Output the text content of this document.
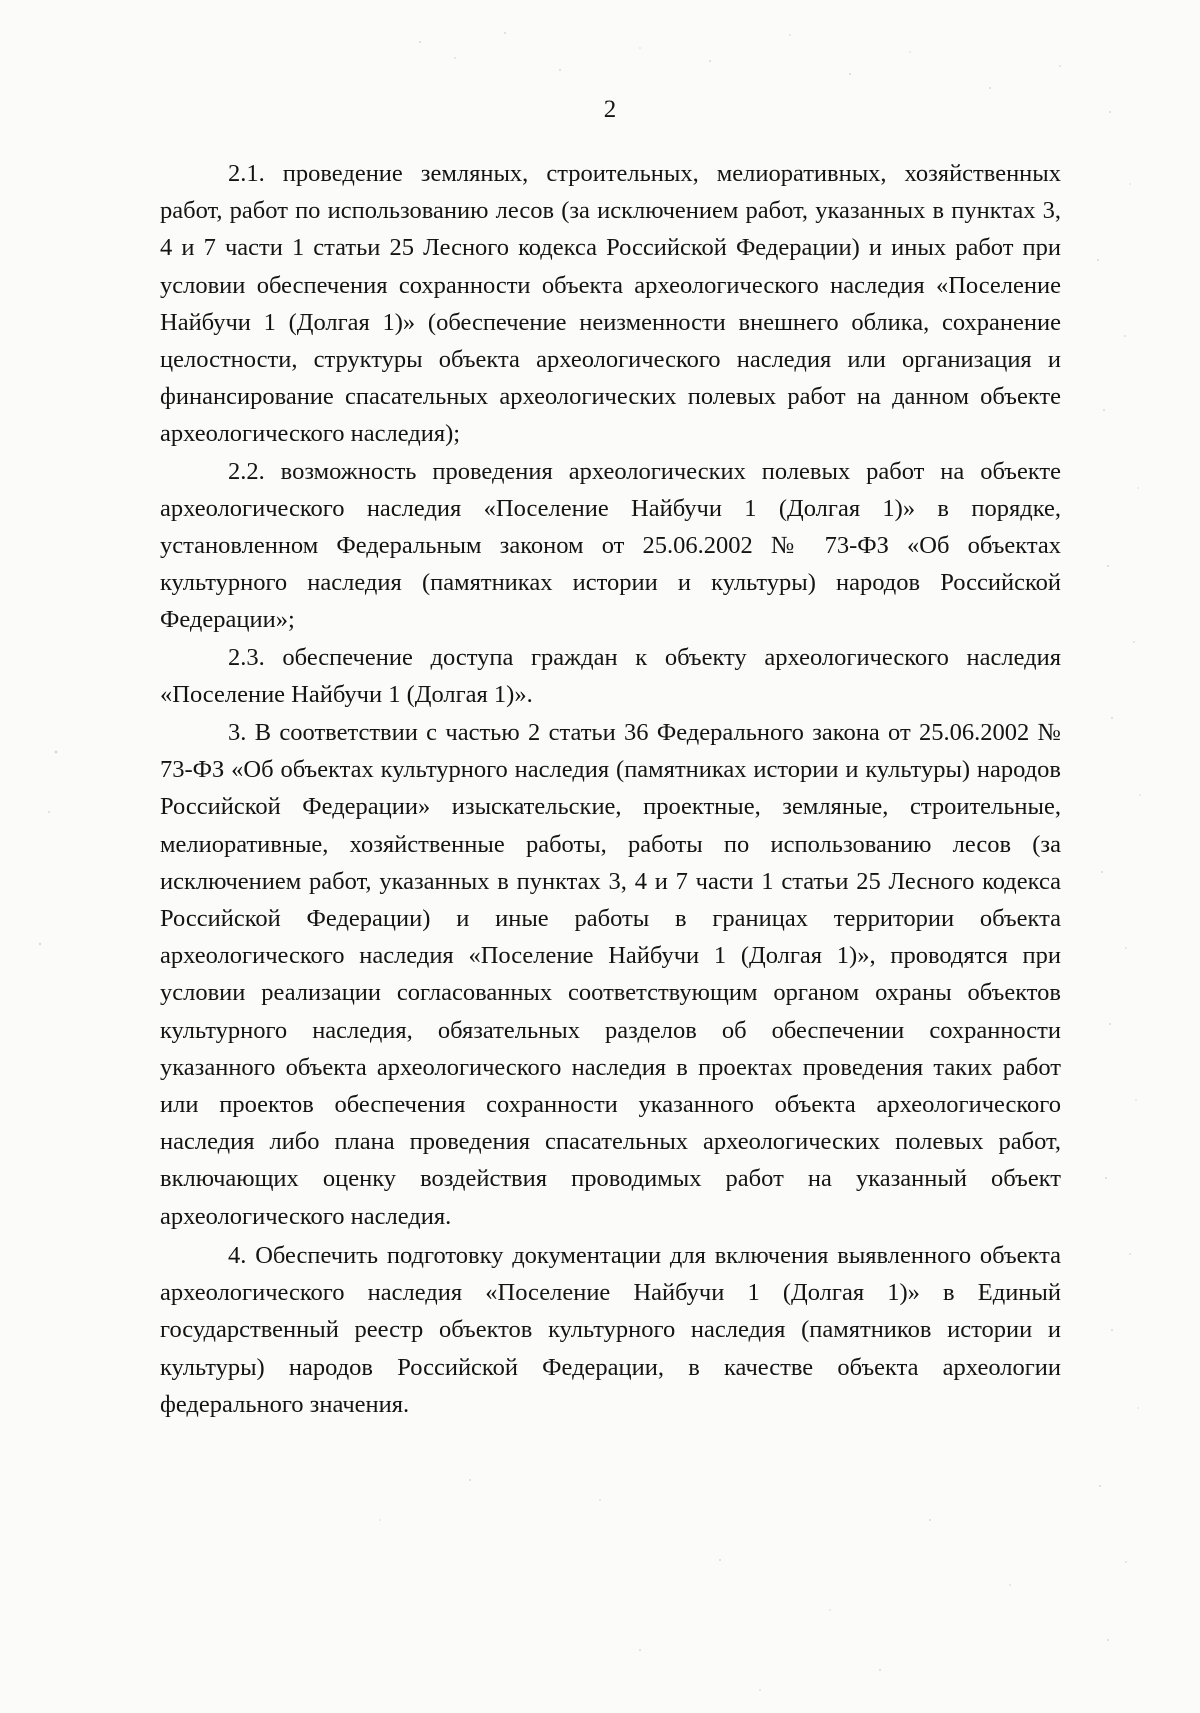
2

2.1. проведение земляных, строительных, мелиоративных, хозяйственных работ, работ по использованию лесов (за исключением работ, указанных в пунктах 3, 4 и 7 части 1 статьи 25 Лесного кодекса Российской Федерации) и иных работ при условии обеспечения сохранности объекта археологического наследия «Поселение Найбучи 1 (Долгая 1)» (обеспечение неизменности внешнего облика, сохранение целостности, структуры объекта археологического наследия или организация и финансирование спасательных археологических полевых работ на данном объекте археологического наследия);

2.2. возможность проведения археологических полевых работ на объекте археологического наследия «Поселение Найбучи 1 (Долгая 1)» в порядке, установленном Федеральным законом от 25.06.2002 № 73-ФЗ «Об объектах культурного наследия (памятниках истории и культуры) народов Российской Федерации»;

2.3. обеспечение доступа граждан к объекту археологического наследия «Поселение Найбучи 1 (Долгая 1)».

3. В соответствии с частью 2 статьи 36 Федерального закона от 25.06.2002 № 73-ФЗ «Об объектах культурного наследия (памятниках истории и культуры) народов Российской Федерации» изыскательские, проектные, земляные, строительные, мелиоративные, хозяйственные работы, работы по использованию лесов (за исключением работ, указанных в пунктах 3, 4 и 7 части 1 статьи 25 Лесного кодекса Российской Федерации) и иные работы в границах территории объекта археологического наследия «Поселение Найбучи 1 (Долгая 1)», проводятся при условии реализации согласованных соответствующим органом охраны объектов культурного наследия, обязательных разделов об обеспечении сохранности указанного объекта археологического наследия в проектах проведения таких работ или проектов обеспечения сохранности указанного объекта археологического наследия либо плана проведения спасательных археологических полевых работ, включающих оценку воздействия проводимых работ на указанный объект археологического наследия.

4. Обеспечить подготовку документации для включения выявленного объекта археологического наследия «Поселение Найбучи 1 (Долгая 1)» в Единый государственный реестр объектов культурного наследия (памятников истории и культуры) народов Российской Федерации, в качестве объекта археологии федерального значения.
